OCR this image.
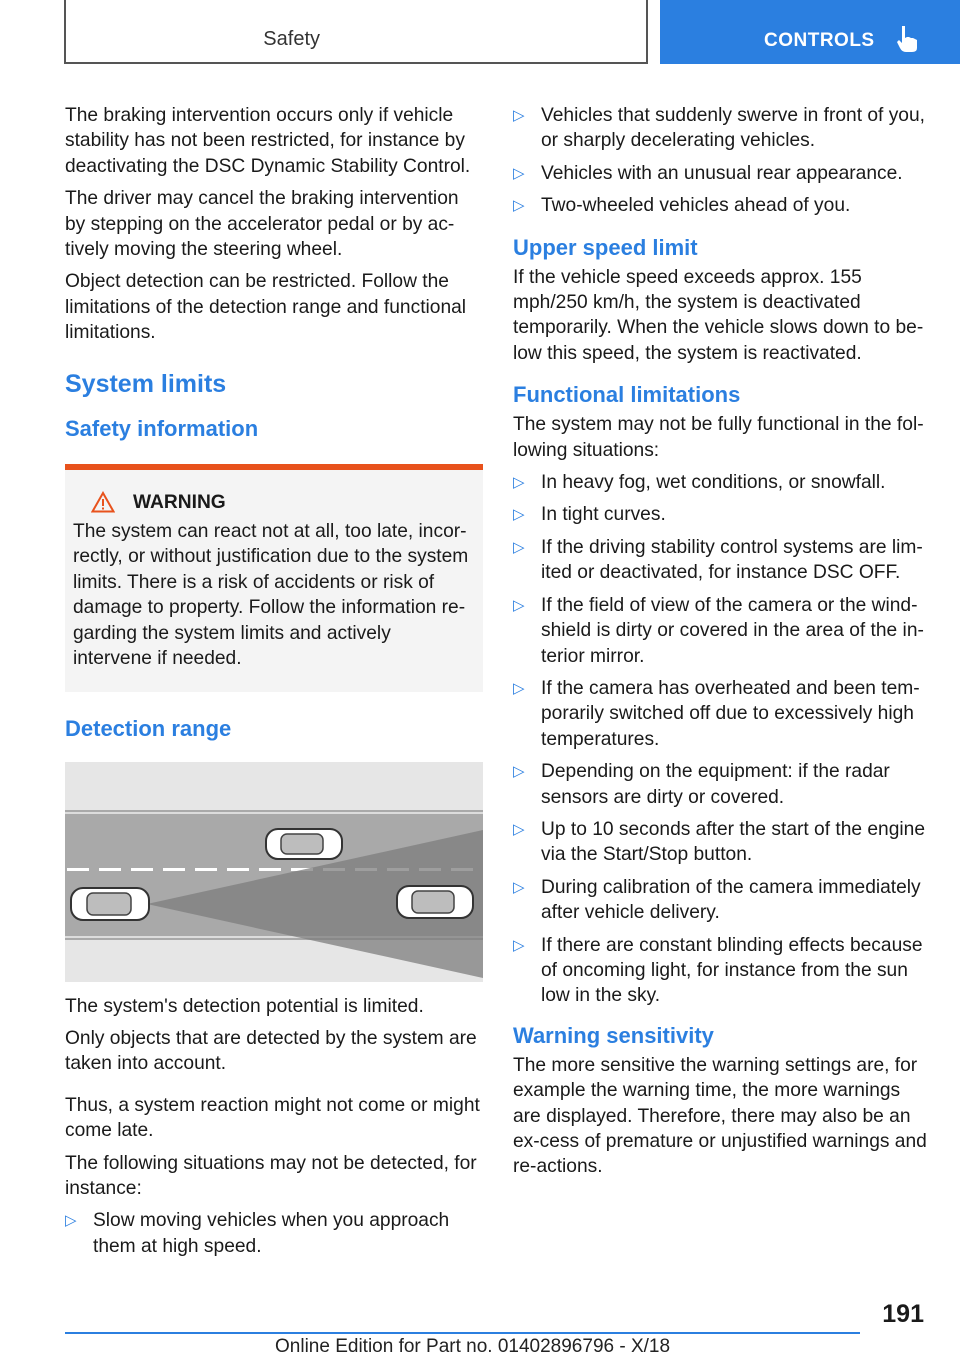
Safety	CONTROLS

The braking intervention occurs only if vehicle stability has not been restricted, for instance by deactivating the DSC Dynamic Stability Control.

The driver may cancel the braking intervention by stepping on the accelerator pedal or by ac-tively moving the steering wheel.

Object detection can be restricted. Follow the limitations of the detection range and functional limitations.

System limits
Safety information
WARNING

The system can react not at all, too late, incor-rectly, or without justification due to the system limits. There is a risk of accidents or risk of damage to property. Follow the information re-garding the system limits and actively intervene if needed.

Detection range

The system's detection potential is limited.

Only objects that are detected by the system are taken into account.

Thus, a system reaction might not come or might come late.

The following situations may not be detected, for instance:

▷ Slow moving vehicles when you approach them at high speed.
▷ Vehicles that suddenly swerve in front of you, or sharply decelerating vehicles.
▷ Vehicles with an unusual rear appearance.
▷ Two-wheeled vehicles ahead of you.
Upper speed limit

If the vehicle speed exceeds approx. 155 mph/250 km/h, the system is deactivated temporarily. When the vehicle slows down to be-low this speed, the system is reactivated.

Functional limitations

The system may not be fully functional in the fol-lowing situations:

▷ In heavy fog, wet conditions, or snowfall.
▷ In tight curves.
▷ If the driving stability control systems are lim-ited or deactivated, for instance DSC OFF.
▷ If the field of view of the camera or the wind-shield is dirty or covered in the area of the in-terior mirror.
▷ If the camera has overheated and been tem-porarily switched off due to excessively high temperatures.
▷ Depending on the equipment: if the radar sensors are dirty or covered.
▷ Up to 10 seconds after the start of the engine via the Start/Stop button.
▷ During calibration of the camera immediately after vehicle delivery.
▷ If there are constant blinding effects because of oncoming light, for instance from the sun low in the sky.
Warning sensitivity

The more sensitive the warning settings are, for example the warning time, the more warnings are displayed. Therefore, there may also be an ex-cess of premature or unjustified warnings and re-actions.

191
Online Edition for Part no. 01402896796 - X/18
